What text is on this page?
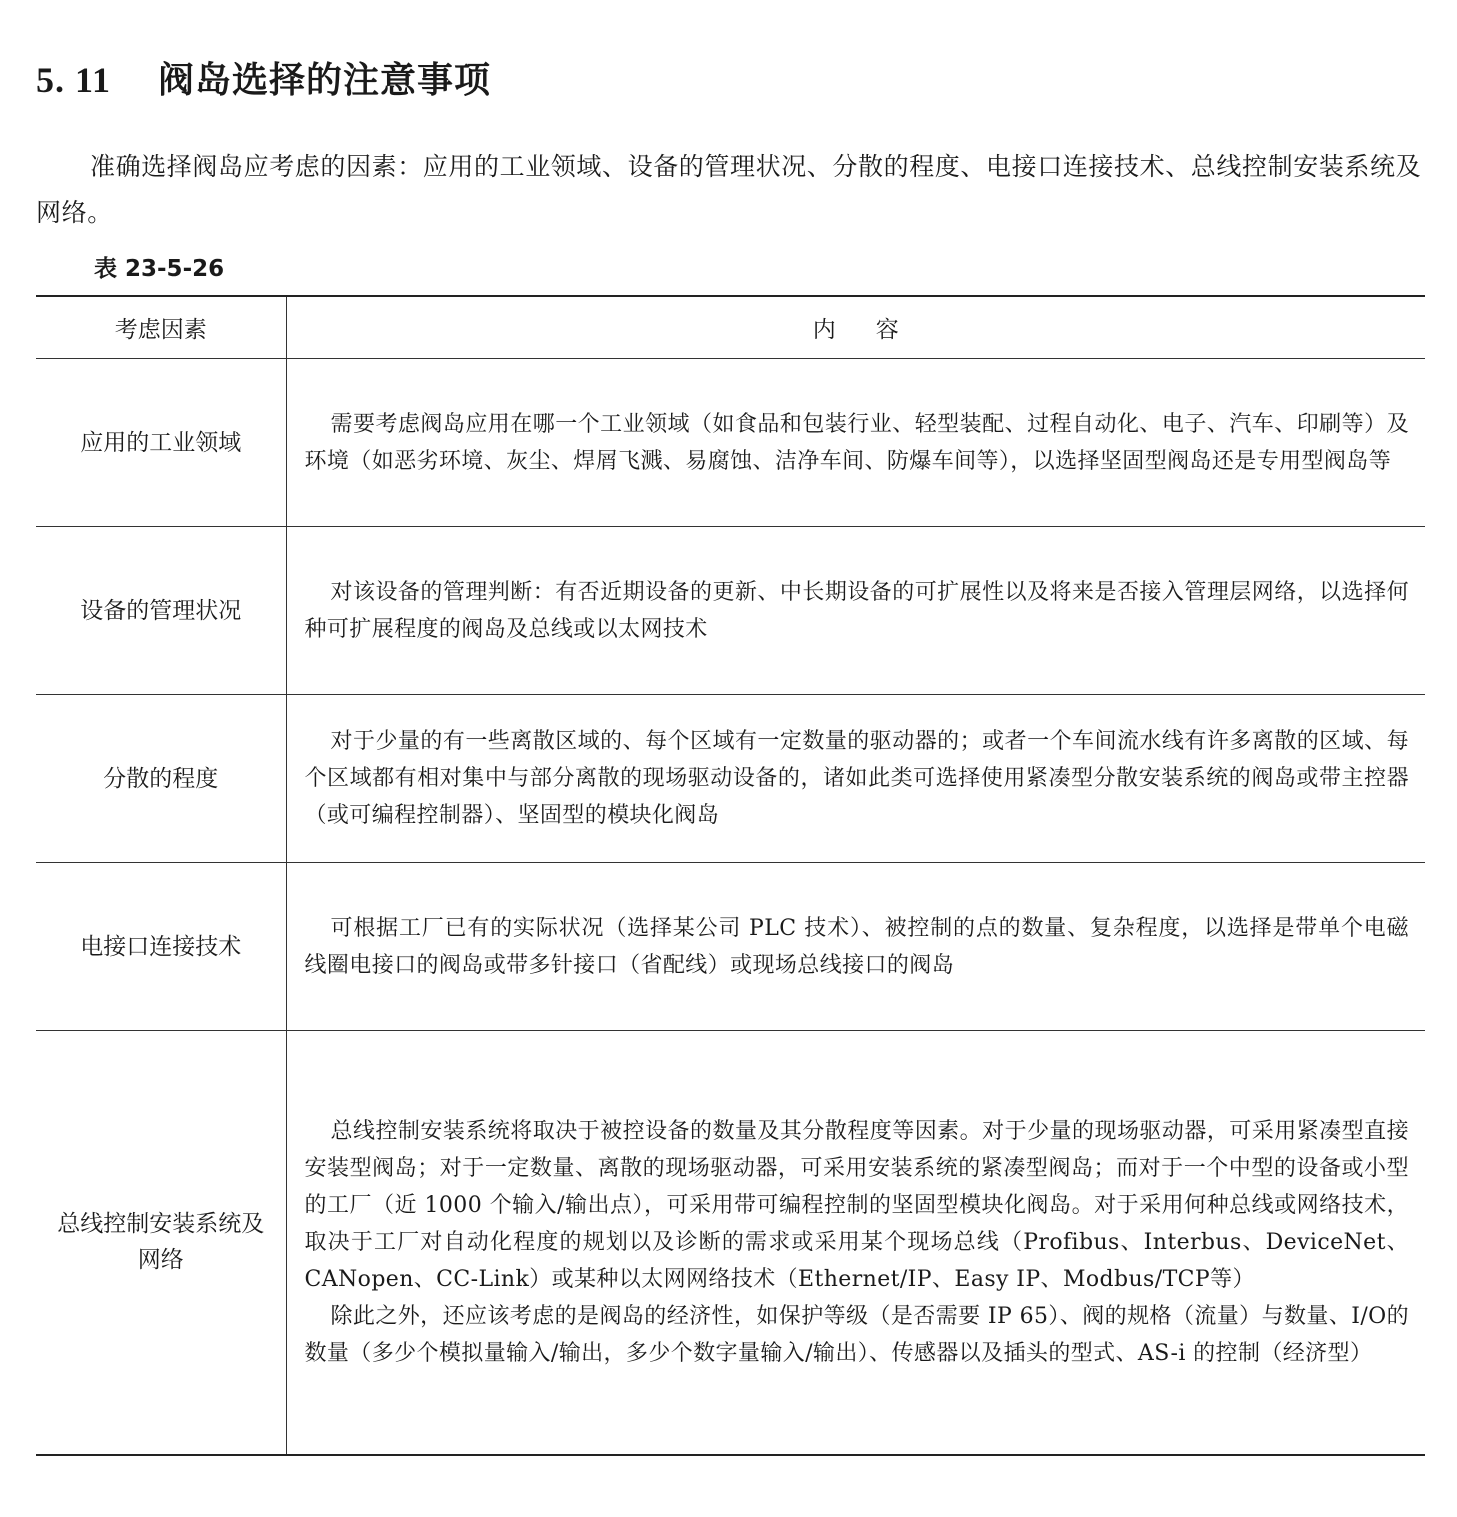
5. 11 阀岛选择的注意事项

准确选择阀岛应考虑的因素：应用的工业领域、设备的管理状况、分散的程度、电接口连接技术、总线控制安装系统及网络。

表 23-5-26

考虑因素	内容
应用的工业领域	需要考虑阀岛应用在哪一个工业领域（如食品和包装行业、轻型装配、过程自动化、电子、汽车、印刷等）及环境（如恶劣环境、灰尘、焊屑飞溅、易腐蚀、洁净车间、防爆车间等），以选择坚固型阀岛还是专用型阀岛等

设备的管理状况	对该设备的管理判断：有否近期设备的更新、中长期设备的可扩展性以及将来是否接入管理层网络，以选择何种可扩展程度的阀岛及总线或以太网技术

分散的程度	对于少量的有一些离散区域的、每个区域有一定数量的驱动器的；或者一个车间流水线有许多离散的区域、每个区域都有相对集中与部分离散的现场驱动设备的，诸如此类可选择使用紧凑型分散安装系统的阀岛或带主控器（或可编程控制器）、坚固型的模块化阀岛

电接口连接技术	可根据工厂已有的实际状况（选择某公司 PLC 技术）、被控制的点的数量、复杂程度，以选择是带单个电磁线圈电接口的阀岛或带多针接口（省配线）或现场总线接口的阀岛

总线控制安装系统及网络	总线控制安装系统将取决于被控设备的数量及其分散程度等因素。对于少量的现场驱动器，可采用紧凑型直接安装型阀岛；对于一定数量、离散的现场驱动器，可采用安装系统的紧凑型阀岛；而对于一个中型的设备或小型的工厂（近 1000 个输入/输出点），可采用带可编程控制的坚固型模块化阀岛。对于采用何种总线或网络技术，取决于工厂对自动化程度的规划以及诊断的需求或采用某个现场总线（Profibus、Interbus、DeviceNet、CANopen、CC-Link）或某种以太网网络技术（Ethernet/IP、Easy IP、Modbus/TCP等）

除此之外，还应该考虑的是阀岛的经济性，如保护等级（是否需要 IP 65）、阀的规格（流量）与数量、I/O的数量（多少个模拟量输入/输出，多少个数字量输入/输出）、传感器以及插头的型式、AS-i 的控制（经济型）
